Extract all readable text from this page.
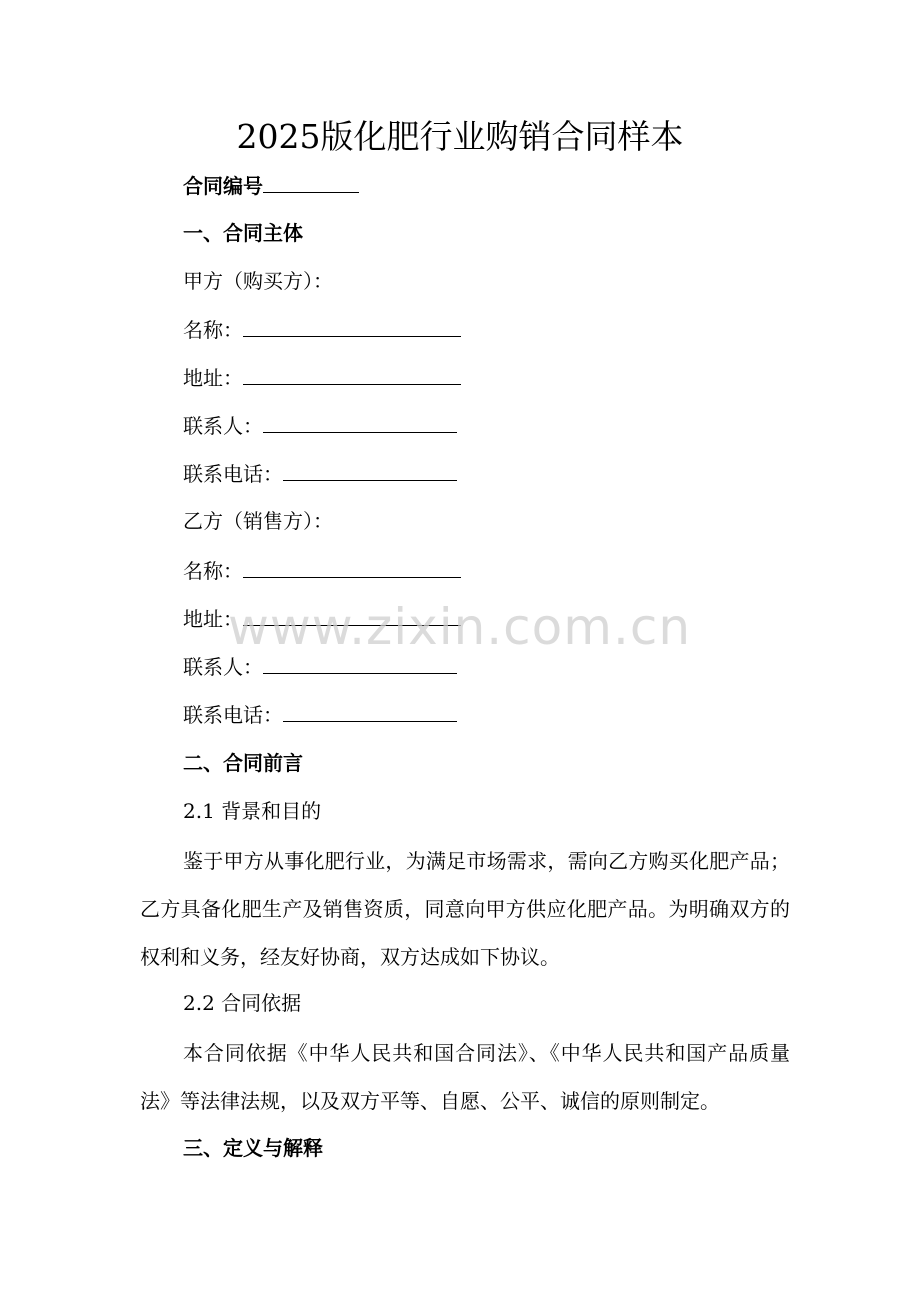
2025版化肥行业购销合同样本
合同编号
一、合同主体
甲方（购买方）：
名称：
地址：
联系人：
联系电话：
乙方（销售方）：
名称：
地址：
联系人：
联系电话：
二、合同前言
2.1 背景和目的
鉴于甲方从事化肥行业，为满足市场需求，需向乙方购买化肥产品；乙方具备化肥生产及销售资质，同意向甲方供应化肥产品。为明确双方的权利和义务，经友好协商，双方达成如下协议。
2.2 合同依据
本合同依据《中华人民共和国合同法》、《中华人民共和国产品质量法》等法律法规，以及双方平等、自愿、公平、诚信的原则制定。
三、定义与解释
www.zixin.com.cn
